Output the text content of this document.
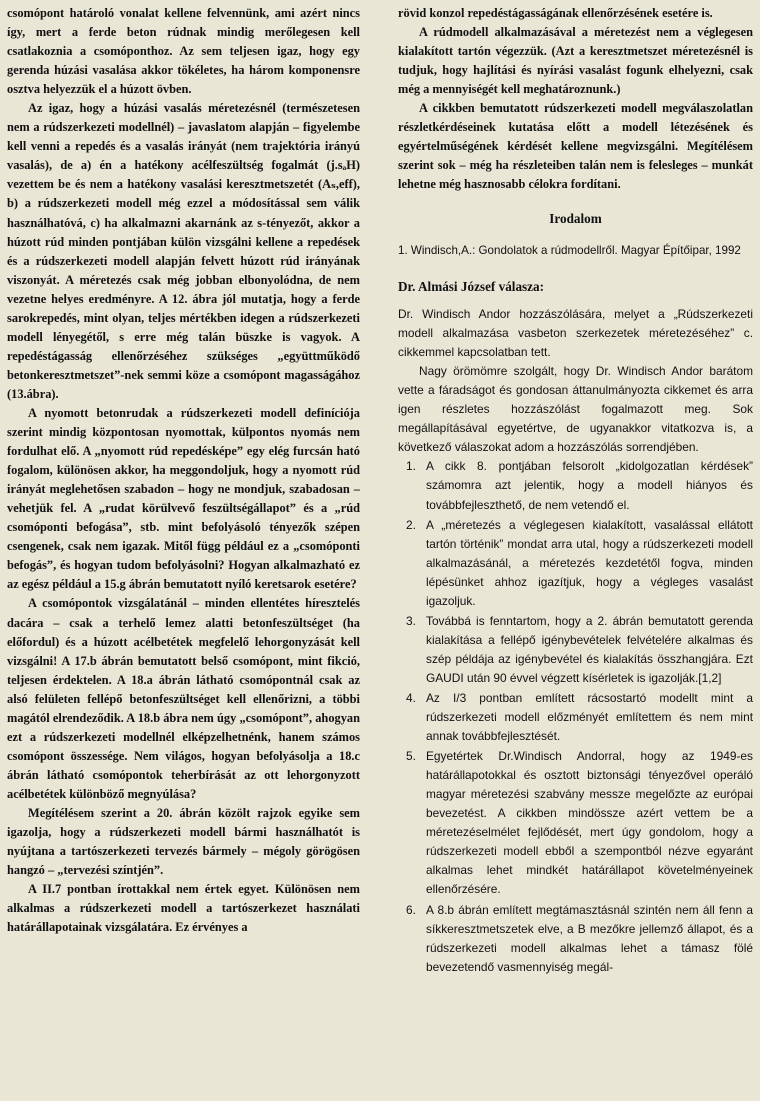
csomópont határoló vonalat kellene felvennünk, ami azért nincs így, mert a ferde beton rúdnak mindig merőlegesen kell csatlakoznia a csomóponthoz. Az sem teljesen igaz, hogy egy gerenda húzási vasalása akkor tökéletes, ha három komponensre osztva helyezzük el a húzott övben.

Az igaz, hogy a húzási vasalás méretezésnél (természetesen nem a rúdszerkezeti modellnél) – javaslatom alapján – figyelembe kell venni a repedés és a vasalás irányát (nem trajektória irányú vasalás), de a) én a hatékony acélfeszültség fogalmát (j.sₐH) vezettem be és nem a hatékony vasalási keresztmetszetét (Aₛ,eff), b) a rúdszerkezeti modell még ezzel a módosítással sem válik használhatóvá, c) ha alkalmazni akarnánk az s-tényezőt, akkor a húzott rúd minden pontjában külön vizsgálni kellene a repedések és a rúdszerkezeti modell alapján felvett húzott rúd irányának viszonyát. A méretezés csak még jobban elbonyolódna, de nem vezetne helyes eredményre. A 12. ábra jól mutatja, hogy a ferde sarokrepedés, mint olyan, teljes mértékben idegen a rúdszerkezeti modell lényegétől, s erre még talán büszke is vagyok. A repedéstágasság ellenőrzéséhez szükséges „együttműködő betonkeresztmetszet”-nek semmi köze a csomópont magasságához (13.ábra).

A nyomott betonrudak a rúdszerkezeti modell definíciója szerint mindig központosan nyomottak, külpontos nyomás nem fordulhat elő. A „nyomott rúd repedésképe” egy elég furcsán ható fogalom, különösen akkor, ha meggondoljuk, hogy a nyomott rúd irányát meglehetősen szabadon – hogy ne mondjuk, szabadosan – vehetjük fel. A „rudat körülvevő feszültségállapot” és a „rúd csomóponti befogása”, stb. mint befolyásoló tényezők szépen csengenek, csak nem igazak. Mitől függ például ez a „csomóponti befogás”, és hogyan tudom befolyásolni? Hogyan alkalmazható ez az egész például a 15.g ábrán bemutatott nyíló keretsarok esetére?

A csomópontok vizsgálatánál – minden ellentétes híresztelés dacára – csak a terhelő lemez alatti betonfeszültséget (ha előfordul) és a húzott acélbetétek megfelelő lehorgonyzását kell vizsgálni! A 17.b ábrán bemutatott belső csomópont, mint fikció, teljesen érdektelen. A 18.a ábrán látható csomópontnál csak az alsó felületen fellépő betonfeszültséget kell ellenőrizni, a többi magától elrendeződik. A 18.b ábra nem úgy „csomópont”, ahogyan ezt a rúdszerkezeti modellnél elképzelhetnénk, hanem számos csomópont összessége. Nem világos, hogyan befolyásolja a 18.c ábrán látható csomópontok teherbírását az ott lehorgonyzott acélbetétek különböző megnyúlása?

Megítélésem szerint a 20. ábrán közölt rajzok egyike sem igazolja, hogy a rúdszerkezeti modell bármi használhatót is nyújtana a tartószerkezeti tervezés bármely – mégoly görögösen hangzó – „tervezési színtjén”.

A II.7 pontban írottakkal nem értek egyet. Különösen nem alkalmas a rúdszerkezeti modell a tartószerkezet használati határállapotainak vizsgálatára. Ez érvényes a

rövid konzol repedéstágasságának ellenőrzésének esetére is.

A rúdmodell alkalmazásával a méretezést nem a véglegesen kialakított tartón végezzük. (Azt a keresztmetszet méretezésnél is tudjuk, hogy hajlítási és nyírási vasalást fogunk elhelyezni, csak még a mennyiségét kell meghatároznunk.)

A cikkben bemutatott rúdszerkezeti modell megválaszolatlan részletkérdéseinek kutatása előtt a modell létezésének és egyértelműségének kérdését kellene megvizsgálni. Megítélésem szerint sok – még ha részleteiben talán nem is felesleges – munkát lehetne még hasznosabb célokra fordítani.

Irodalom
1. Windisch,A.: Gondolatok a rúdmodellről. Magyar Építőipar, 1992
Dr. Almási József válasza:

Dr. Windisch Andor hozzászólására, melyet a „Rúdszerkezeti modell alkalmazása vasbeton szerkezetek méretezéséhez” c. cikkemmel kapcsolatban tett.

Nagy örömömre szolgált, hogy Dr. Windisch Andor barátom vette a fáradságot és gondosan áttanulmányozta cikkemet és arra igen részletes hozzászólást fogalmazott meg. Sok megállapításával egyetértve, de ugyanakkor vitatkozva is, a következő válaszokat adom a hozzászólás sorrendjében.

1. A cikk 8. pontjában felsorolt „kidolgozatlan kérdések” számomra azt jelentik, hogy a modell hiányos és továbbfejleszthető, de nem vetendő el.
2. A „méretezés a véglegesen kialakított, vasalással ellátott tartón történik” mondat arra utal, hogy a rúdszerkezeti modell alkalmazásánál, a méretezés kezdetétől fogva, minden lépésünket ahhoz igazítjuk, hogy a végleges vasalást igazoljuk.
3. Továbbá is fenntartom, hogy a 2. ábrán bemutatott gerenda kialakítása a fellépő igénybevételek felvételére alkalmas és szép példája az igénybevétel és kialakítás összhangjára. Ezt GAUDI után 90 évvel végzett kísérletek is igazolják.[1,2]
4. Az I/3 pontban említett rácsostartó modellt mint a rúdszerkezeti modell előzményét említettem és nem mint annak továbbfejlesztését.
5. Egyetértek Dr.Windisch Andorral, hogy az 1949-es határállapotokkal és osztott biztonsági tényezővel operáló magyar méretezési szabvány messze megelőzte az európai bevezetést. A cikkben mindössze azért vettem be a méretezéselmélet fejlődését, mert úgy gondolom, hogy a rúdszerkezeti modell ebből a szempontból nézve egyaránt alkalmas lehet mindkét határállapot követelményeinek ellenőrzésére.
6. A 8.b ábrán említett megtámasztásnál szintén nem áll fenn a síkkeresztmetszetek elve, a B mezőkre jellemző állapot, és a rúdszerkezeti modell alkalmas lehet a támasz fölé bevezetendő vasmennyiség megál-
